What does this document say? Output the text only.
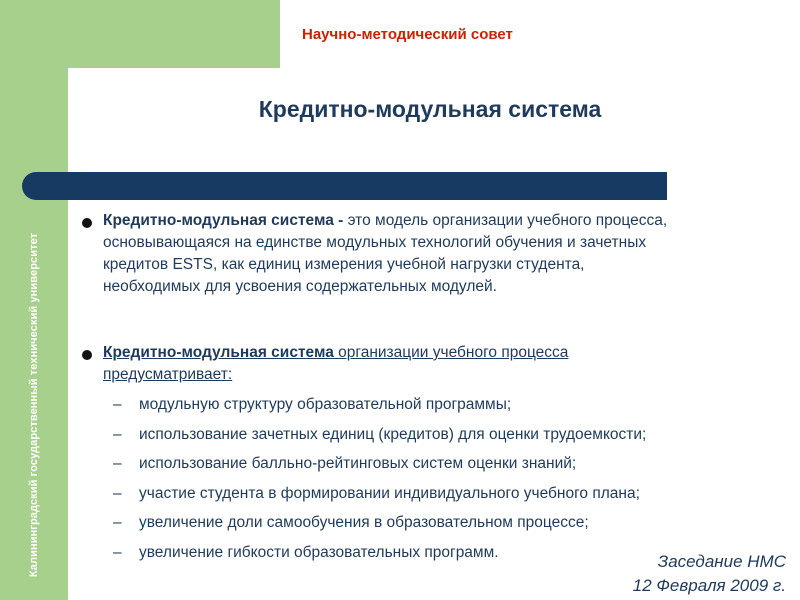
Калининградский государственный технический университет
Научно-методический совет
Кредитно-модульная система
Кредитно-модульная система - это модель организации учебного процесса,
основывающаяся на единстве модульных технологий обучения и зачетных
кредитов ESTS, как единиц измерения учебной нагрузки студента,
необходимых для усвоения содержательных модулей.
Кредитно-модульная система организации учебного процесса
предусматривает:
– модульную структуру образовательной программы;
– использование зачетных единиц (кредитов) для оценки трудоемкости;
– использование балльно-рейтинговых систем оценки знаний;
– участие студента в формировании индивидуального учебного плана;
– увеличение доли самообучения в образовательном процессе;
– увеличение гибкости образовательных программ.	Заседание НМС
12 Февраля 2009 г.
